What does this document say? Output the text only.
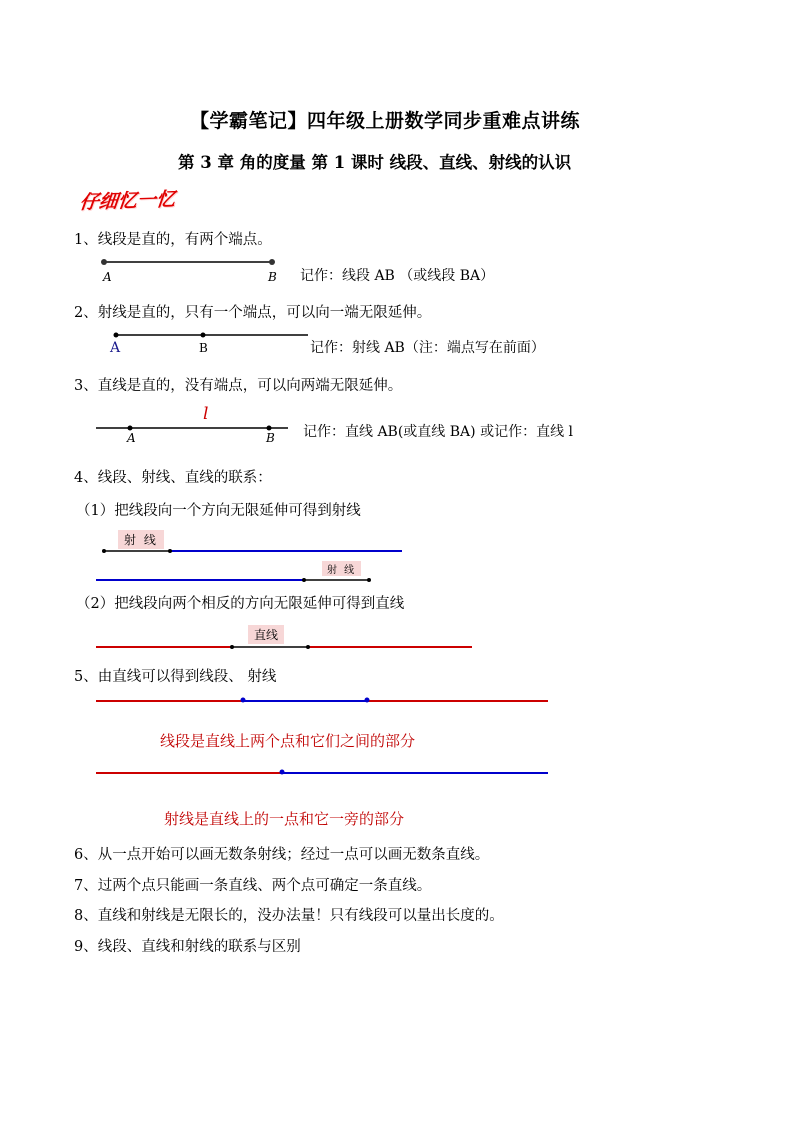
【学霸笔记】四年级上册数学同步重难点讲练
第 3 章 角的度量 第 1 课时 线段、直线、射线的认识
仔细忆一忆
1、线段是直的，有两个端点。
记作：线段 AB （或线段 BA）
A	B
2、射线是直的，只有一个端点，可以向一端无限延伸。
记作：射线 AB（注：端点写在前面）
A	B
3、直线是直的，没有端点，可以向两端无限延伸。
记作：直线 AB(或直线 BA) 或记作：直线 l
A	B
l
4、线段、射线、直线的联系：
（1）把线段向一个方向无限延伸可得到射线
射 线
射 线
（2）把线段向两个相反的方向无限延伸可得到直线
直线
5、由直线可以得到线段、 射线
线段是直线上两个点和它们之间的部分
射线是直线上的一点和它一旁的部分
6、从一点开始可以画无数条射线；经过一点可以画无数条直线。
7、过两个点只能画一条直线、两个点可确定一条直线。
8、直线和射线是无限长的，没办法量！只有线段可以量出长度的。
9、线段、直线和射线的联系与区别
